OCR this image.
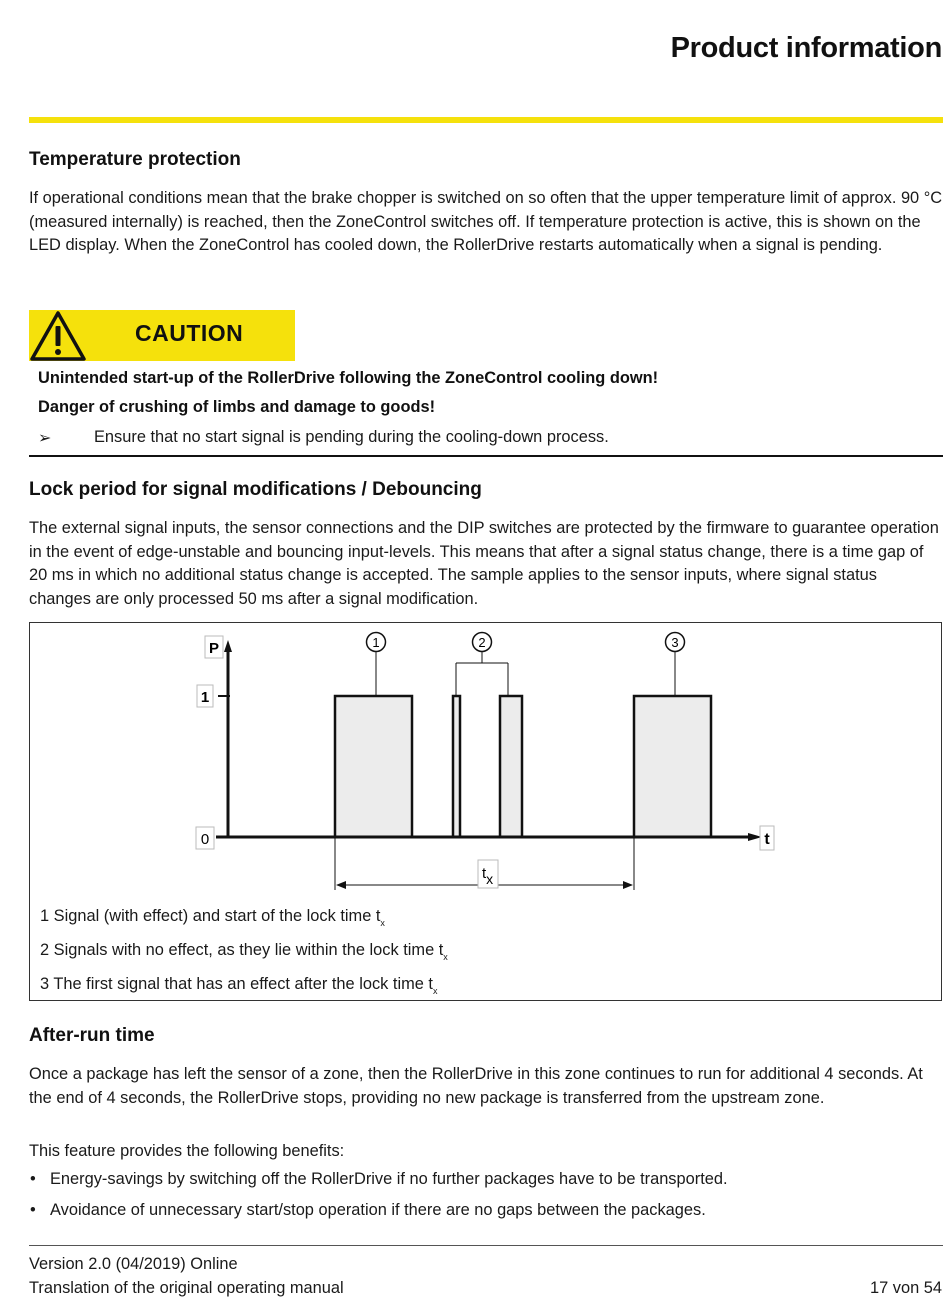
Product information
Temperature protection

If operational conditions mean that the brake chopper is switched on so often that the upper temperature limit of approx. 90 °C (measured internally) is reached, then the ZoneControl switches off. If temperature protection is active, this is shown on the LED display. When the ZoneControl has cooled down, the RollerDrive restarts automatically when a signal is pending.

CAUTION
Unintended start-up of the RollerDrive following the ZoneControl cooling down!
Danger of crushing of limbs and damage to goods!
➢	Ensure that no start signal is pending during the cooling-down process.
Lock period for signal modifications / Debouncing

The external signal inputs, the sensor connections and the DIP switches are protected by the firmware to guarantee operation in the event of edge-unstable and bouncing input-levels. This means that after a signal status change, there is a time gap of 20 ms in which no additional status change is accepted. The sample applies to the sensor inputs, where signal status changes are only processed 50 ms after a signal modification.

P
1
0	t
1	2	3
tx
1 Signal (with effect) and start of the lock time $t_x$
2 Signals with no effect, as they lie within the lock time $t_x$
3 The first signal that has an effect after the lock time $t_x$
After-run time

Once a package has left the sensor of a zone, then the RollerDrive in this zone continues to run for additional 4 seconds. At the end of 4 seconds, the RollerDrive stops, providing no new package is transferred from the upstream zone.

This feature provides the following benefits:

• Energy-savings by switching off the RollerDrive if no further packages have to be transported.
• Avoidance of unnecessary start/stop operation if there are no gaps between the packages.
Version 2.0 (04/2019) Online
Translation of the original operating manual	17 von 54
